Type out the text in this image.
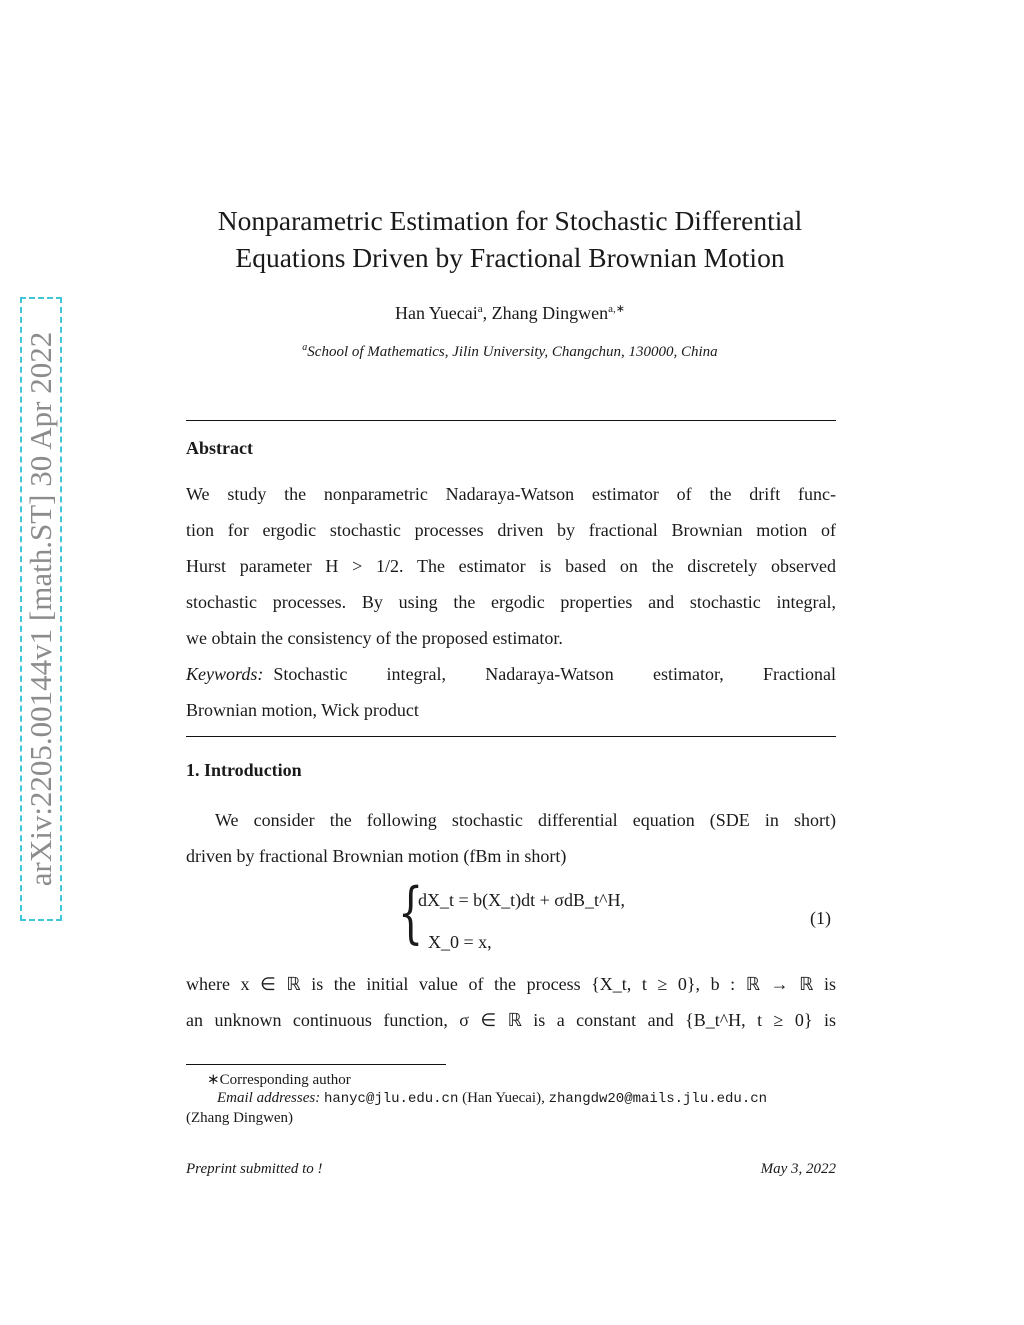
arXiv:2205.00144v1 [math.ST] 30 Apr 2022
Nonparametric Estimation for Stochastic Differential
Equations Driven by Fractional Brownian Motion
Han Yuecai$^a$, Zhang Dingwen$^{a,∗}$
$^a$School of Mathematics, Jilin University, Changchun, 130000, China
Abstract
We study the nonparametric Nadaraya-Watson estimator of the drift func-
tion for ergodic stochastic processes driven by fractional Brownian motion of
Hurst parameter H > 1/2. The estimator is based on the discretely observed
stochastic processes. By using the ergodic properties and stochastic integral,
we obtain the consistency of the proposed estimator.
Keywords: Stochastic integral, Nadaraya-Watson estimator, Fractional
Brownian motion, Wick product
1. Introduction
We consider the following stochastic differential equation (SDE in short)
driven by fractional Brownian motion (fBm in short)
{
dX_t = b(X_t)dt + σdB_t^H,
X_0 = x,
(1)
where x ∈ ℝ is the initial value of the process {X_t, t ≥ 0}, b : ℝ → ℝ is
an unknown continuous function, σ ∈ ℝ is a constant and {B_t^H, t ≥ 0} is
∗Corresponding author
Email addresses: hanyc@jlu.edu.cn (Han Yuecai), zhangdw20@mails.jlu.edu.cn
(Zhang Dingwen)
Preprint submitted to !	May 3, 2022
